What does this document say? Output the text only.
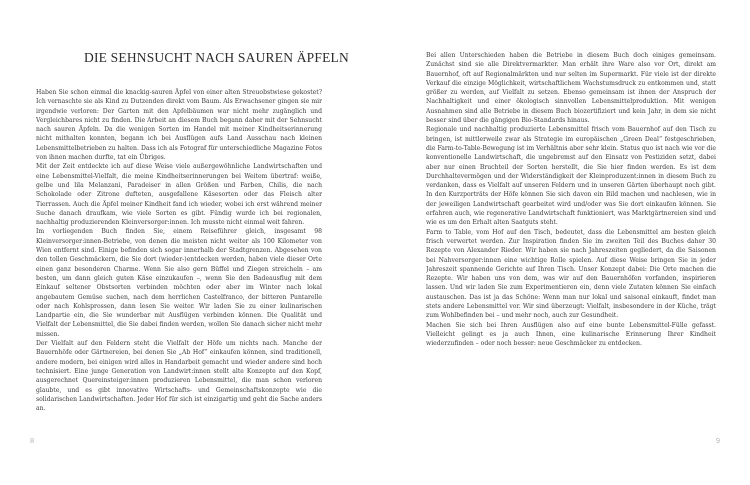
DIE SEHNSUCHT NACH SAUREN ÄPFELN

Haben Sie schon einmal die knackig-sauren Äpfel von einer alten Streuobstwiese gekostet? Ich vernaschte sie als Kind zu Dutzenden direkt vom Baum. Als Erwachsener gingen sie mir irgendwie verloren: Der Garten mit den Apfelbäumen war nicht mehr zugänglich und Vergleichbares nicht zu finden. Die Arbeit an diesem Buch begann daher mit der Sehnsucht nach sauren Äpfeln. Da die wenigen Sorten im Handel mit meiner Kindheitserinnerung nicht mithalten konnten, begann ich bei Ausflügen aufs Land Ausschau nach kleinen Lebensmittelbetrieben zu halten. Dass ich als Fotograf für unterschiedliche Magazine Fotos von ihnen machen durfte, tat ein Übriges.

Mit der Zeit entdeckte ich auf diese Weise viele außergewöhnliche Landwirtschaften und eine Lebensmittel-Vielfalt, die meine Kindheitserinnerungen bei Weitem übertraf: weiße, gelbe und lila Melanzani, Paradeiser in allen Größen und Farben, Chilis, die nach Schokolade oder Zitrone dufteten, ausgefallene Käsesorten oder das Fleisch alter Tierrassen. Auch die Äpfel meiner Kindheit fand ich wieder, wobei ich erst während meiner Suche danach draufkam, wie viele Sorten es gibt. Fündig wurde ich bei regionalen, nachhaltig produzierenden Kleinversorger:innen. Ich musste nicht einmal weit fahren.

Im vorliegenden Buch finden Sie, einem Reiseführer gleich, insgesamt 98 Kleinversorger:innen-Betriebe, von denen die meisten nicht weiter als 100 Kilometer von Wien entfernt sind. Einige befinden sich sogar innerhalb der Stadtgrenzen. Abgesehen von den tollen Geschmäckern, die Sie dort (wieder-)entdecken werden, haben viele dieser Orte einen ganz besonderen Charme. Wenn Sie also gern Büffel und Ziegen streicheln – am besten, um dann gleich guten Käse einzukaufen –, wenn Sie den Badeausflug mit dem Einkauf seltener Obstsorten verbinden möchten oder aber im Winter nach lokal angebautem Gemüse suchen, nach dem herrlichen Castelfranco, der bitteren Puntarelle oder nach Kohlsprossen, dann lesen Sie weiter. Wir laden Sie zu einer kulinarischen Landpartie ein, die Sie wunderbar mit Ausflügen verbinden können. Die Qualität und Vielfalt der Lebensmittel, die Sie dabei finden werden, wollen Sie danach sicher nicht mehr missen.

Der Vielfalt auf den Feldern steht die Vielfalt der Höfe um nichts nach. Manche der Bauernhöfe oder Gärtnereien, bei denen Sie „Ab Hof“ einkaufen können, sind traditionell, andere modern, bei einigen wird alles in Handarbeit gemacht und wieder andere sind hoch technisiert. Eine junge Generation von Landwirt:innen stellt alte Konzepte auf den Kopf, ausgerechnet Quereinsteiger:innen produzieren Lebensmittel, die man schon verloren glaubte, und es gibt innovative Wirtschafts- und Gemeinschaftskonzepte wie die solidarischen Landwirtschaften. Jeder Hof für sich ist einzigartig und geht die Sache anders an.

8

Bei allen Unterschieden haben die Betriebe in diesem Buch doch einiges gemeinsam. Zunächst sind sie alle Direktvermarkter. Man erhält ihre Ware also vor Ort, direkt am Bauernhof, oft auf Regionalmärkten und nur selten im Supermarkt. Für viele ist der direkte Verkauf die einzige Möglichkeit, wirtschaftlichem Wachstumsdruck zu entkommen und, statt größer zu werden, auf Vielfalt zu setzen. Ebenso gemeinsam ist ihnen der Anspruch der Nachhaltigkeit und einer ökologisch sinnvollen Lebensmittelproduktion. Mit wenigen Ausnahmen sind alle Betriebe in diesem Buch biozertifiziert und kein Jahr, in dem sie nicht besser sind über die gängigen Bio-Standards hinaus.

Regionale und nachhaltig produzierte Lebensmittel frisch vom Bauernhof auf den Tisch zu bringen, ist mittlerweile zwar als Strategie im europäischen „Green Deal“ festgeschrieben, die Farm-to-Table-Bewegung ist im Verhältnis aber sehr klein. Status quo ist nach wie vor die konventionelle Landwirtschaft, die ungebremst auf den Einsatz von Pestiziden setzt, dabei aber nur einen Bruchteil der Sorten herstellt, die Sie hier finden werden. Es ist dem Durchhaltevermögen und der Widerständigkeit der Kleinproduzent:innen in diesem Buch zu verdanken, dass es Vielfalt auf unseren Feldern und in unseren Gärten überhaupt noch gibt. In den Kurzporträts der Höfe können Sie sich davon ein Bild machen und nachlesen, wie in der jeweiligen Landwirtschaft gearbeitet wird und/oder was Sie dort einkaufen können. Sie erfahren auch, wie regenerative Landwirtschaft funktioniert, was Marktgärtnereien sind und wie es um den Erhalt alten Saatguts steht.

Farm to Table, vom Hof auf den Tisch, bedeutet, dass die Lebensmittel am besten gleich frisch verwertet werden. Zur Inspiration finden Sie im zweiten Teil des Buches daher 30 Rezepte von Alexander Rieder. Wir haben sie nach Jahreszeiten gegliedert, da die Saisonen bei Nahversorger:innen eine wichtige Rolle spielen. Auf diese Weise bringen Sie in jeder Jahreszeit spannende Gerichte auf Ihren Tisch. Unser Konzept dabei: Die Orte machen die Rezepte. Wir haben uns von dem, was wir auf den Bauernhöfen vorfanden, inspirieren lassen. Und wir laden Sie zum Experimentieren ein, denn viele Zutaten können Sie einfach austauschen. Das ist ja das Schöne: Wenn man nur lokal und saisonal einkauft, findet man stets andere Lebensmittel vor. Wir sind überzeugt: Vielfalt, insbesondere in der Küche, trägt zum Wohlbefinden bei – und mehr noch, auch zur Gesundheit.

Machen Sie sich bei Ihren Ausflügen also auf eine bunte Lebensmittel-Fülle gefasst. Vielleicht gelingt es ja auch Ihnen, eine kulinarische Erinnerung Ihrer Kindheit wiederzufinden – oder noch besser: neue Geschmäcker zu entdecken.

9
